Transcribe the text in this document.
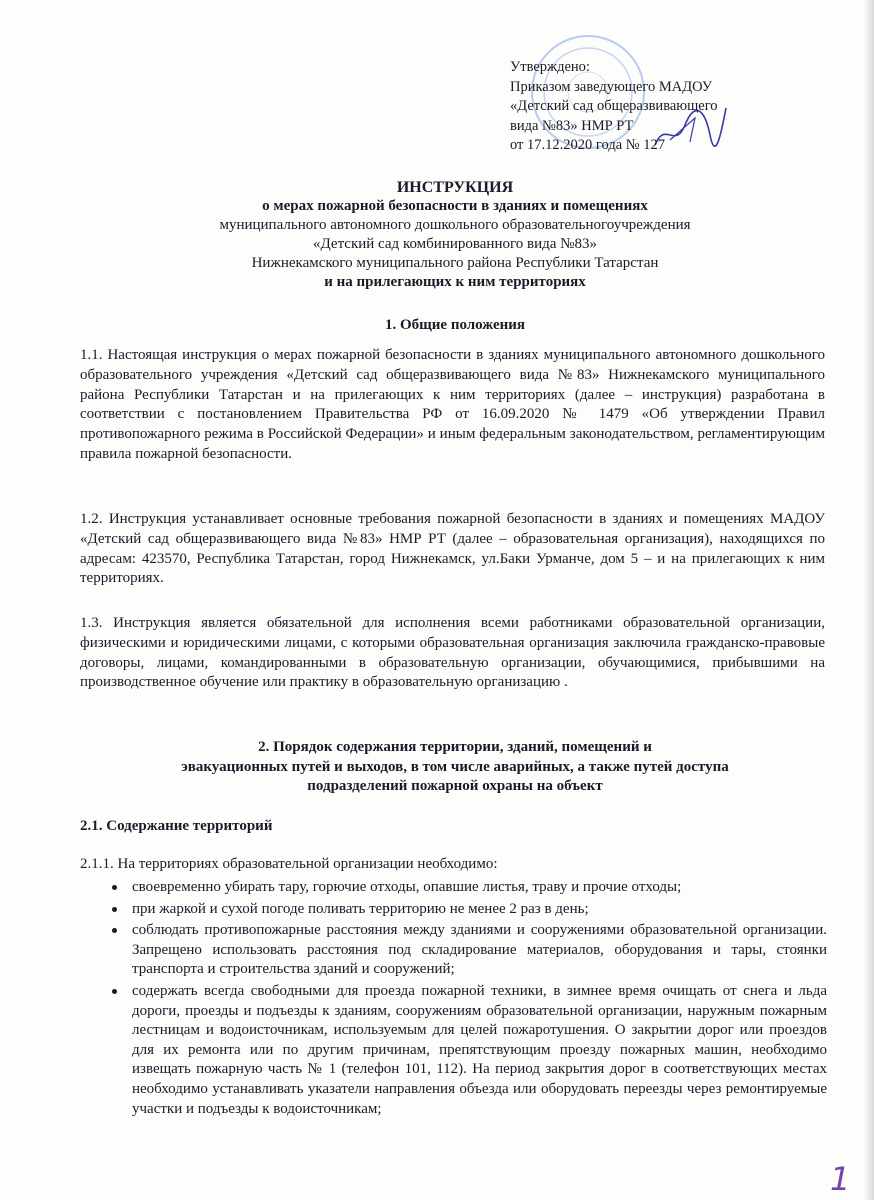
Утверждено:
Приказом заведующего МАДОУ
«Детский сад общеразвивающего
вида №83» НМР РТ
от 17.12.2020 года № 127
ИНСТРУКЦИЯ
о мерах пожарной безопасности в зданиях и помещениях
муниципального автономного дошкольного образовательногоучреждения
«Детский сад комбинированного вида №83»
Нижнекамского муниципального района Республики Татарстан
и на прилегающих к ним территориях
1. Общие положения
1.1. Настоящая инструкция о мерах пожарной безопасности в зданиях муниципального автономного дошкольного образовательного учреждения «Детский сад общеразвивающего вида №83» Нижнекамского муниципального района Республики Татарстан и на прилегающих к ним территориях (далее – инструкция) разработана в соответствии с постановлением Правительства РФ от 16.09.2020 № 1479 «Об утверждении Правил противопожарного режима в Российской Федерации» и иным федеральным законодательством, регламентирующим правила пожарной безопасности.
1.2. Инструкция устанавливает основные требования пожарной безопасности в зданиях и помещениях МАДОУ «Детский сад общеразвивающего вида №83» НМР РТ (далее – образовательная организация), находящихся по адресам: 423570, Республика Татарстан, город Нижнекамск, ул.Баки Урманче, дом 5 – и на прилегающих к ним территориях.
1.3. Инструкция является обязательной для исполнения всеми работниками образовательной организации, физическими и юридическими лицами, с которыми образовательная организация заключила гражданско-правовые договоры, лицами, командированными в образовательную организации, обучающимися, прибывшими на производственное обучение или практику в образовательную организацию .
2. Порядок содержания территории, зданий, помещений и
эвакуационных путей и выходов, в том числе аварийных, а также путей доступа
подразделений пожарной охраны на объект
2.1. Содержание территорий
2.1.1. На территориях образовательной организации необходимо:
своевременно убирать тару, горючие отходы, опавшие листья, траву и прочие отходы;
при жаркой и сухой погоде поливать территорию не менее 2 раз в день;
соблюдать противопожарные расстояния между зданиями и сооружениями образовательной организации. Запрещено использовать расстояния под складирование материалов, оборудования и тары, стоянки транспорта и строительства зданий и сооружений;
содержать всегда свободными для проезда пожарной техники, в зимнее время очищать от снега и льда дороги, проезды и подъезды к зданиям, сооружениям образовательной организации, наружным пожарным лестницам и водоисточникам, используемым для целей пожаротушения. О закрытии дорог или проездов для их ремонта или по другим причинам, препятствующим проезду пожарных машин, необходимо извещать пожарную часть № 1 (телефон 101, 112). На период закрытия дорог в соответствующих местах необходимо устанавливать указатели направления объезда или оборудовать переезды через ремонтируемые участки и подъезды к водоисточникам;
1
